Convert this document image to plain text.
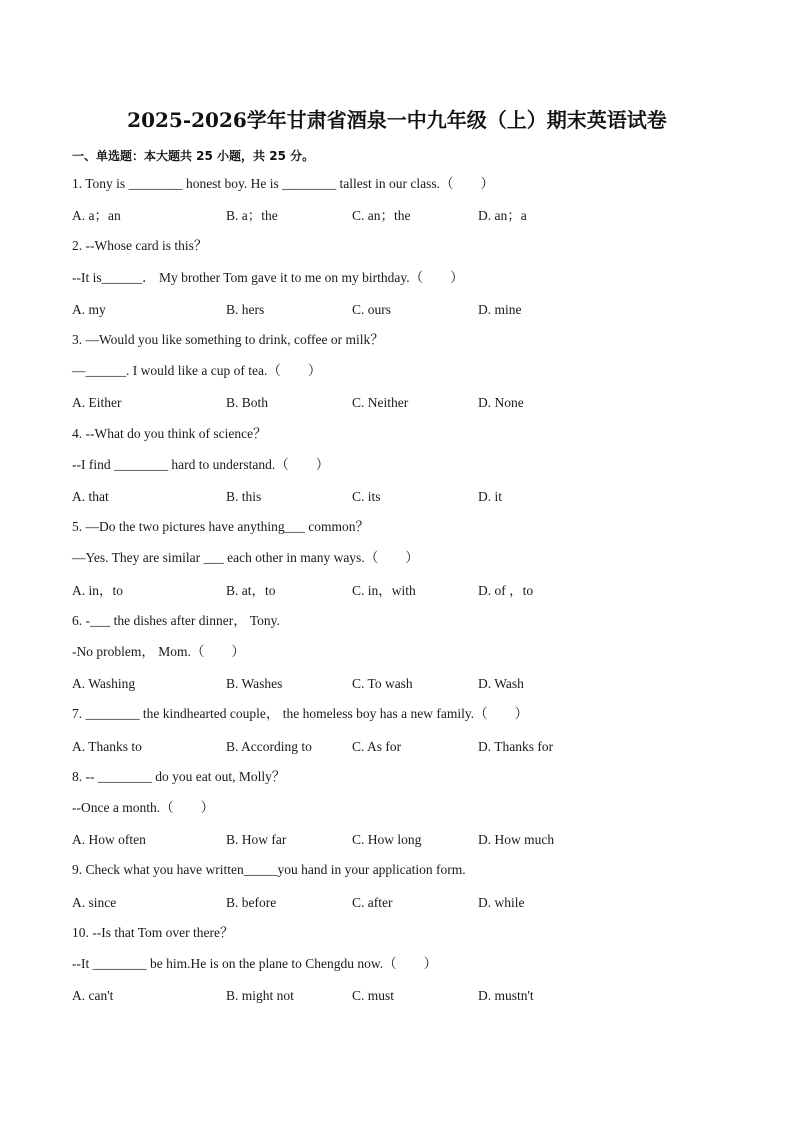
2025-2026学年甘肃省酒泉一中九年级（上）期末英语试卷
一、单选题：本大题共 25 小题，共 25 分。
1. Tony is ________ honest boy. He is ________ tallest in our class.（　　）
A. a；an	B. a；the	C. an；the	D. an；a
2. --Whose card is this？
--It is______． My brother Tom gave it to me on my birthday.（　　）
A. my	B. hers	C. ours	D. mine
3. —Would you like something to drink, coffee or milk？
—______. I would like a cup of tea.（　　）
A. Either	B. Both	C. Neither	D. None
4. --What do you think of science？
--I find ________ hard to understand.（　　）
A. that	B. this	C. its	D. it
5. —Do the two pictures have anything___ common？
—Yes. They are similar ___ each other in many ways.（　　）
A. in，to	B. at，to	C. in，with	D. of ，to
6. -___ the dishes after dinner， Tony.
-No problem， Mom.（　　）
A. Washing	B. Washes	C. To wash	D. Wash
7. ________ the kindhearted couple， the homeless boy has a new family.（　　）
A. Thanks to	B. According to	C. As for	D. Thanks for
8. -- ________ do you eat out, Molly？
--Once a month.（　　）
A. How often	B. How far	C. How long	D. How much
9. Check what you have written_____you hand in your application form.
A. since	B. before	C. after	D. while
10. --Is that Tom over there？
--It ________ be him.He is on the plane to Chengdu now.（　　）
A. can't	B. might not	C. must	D. mustn't
